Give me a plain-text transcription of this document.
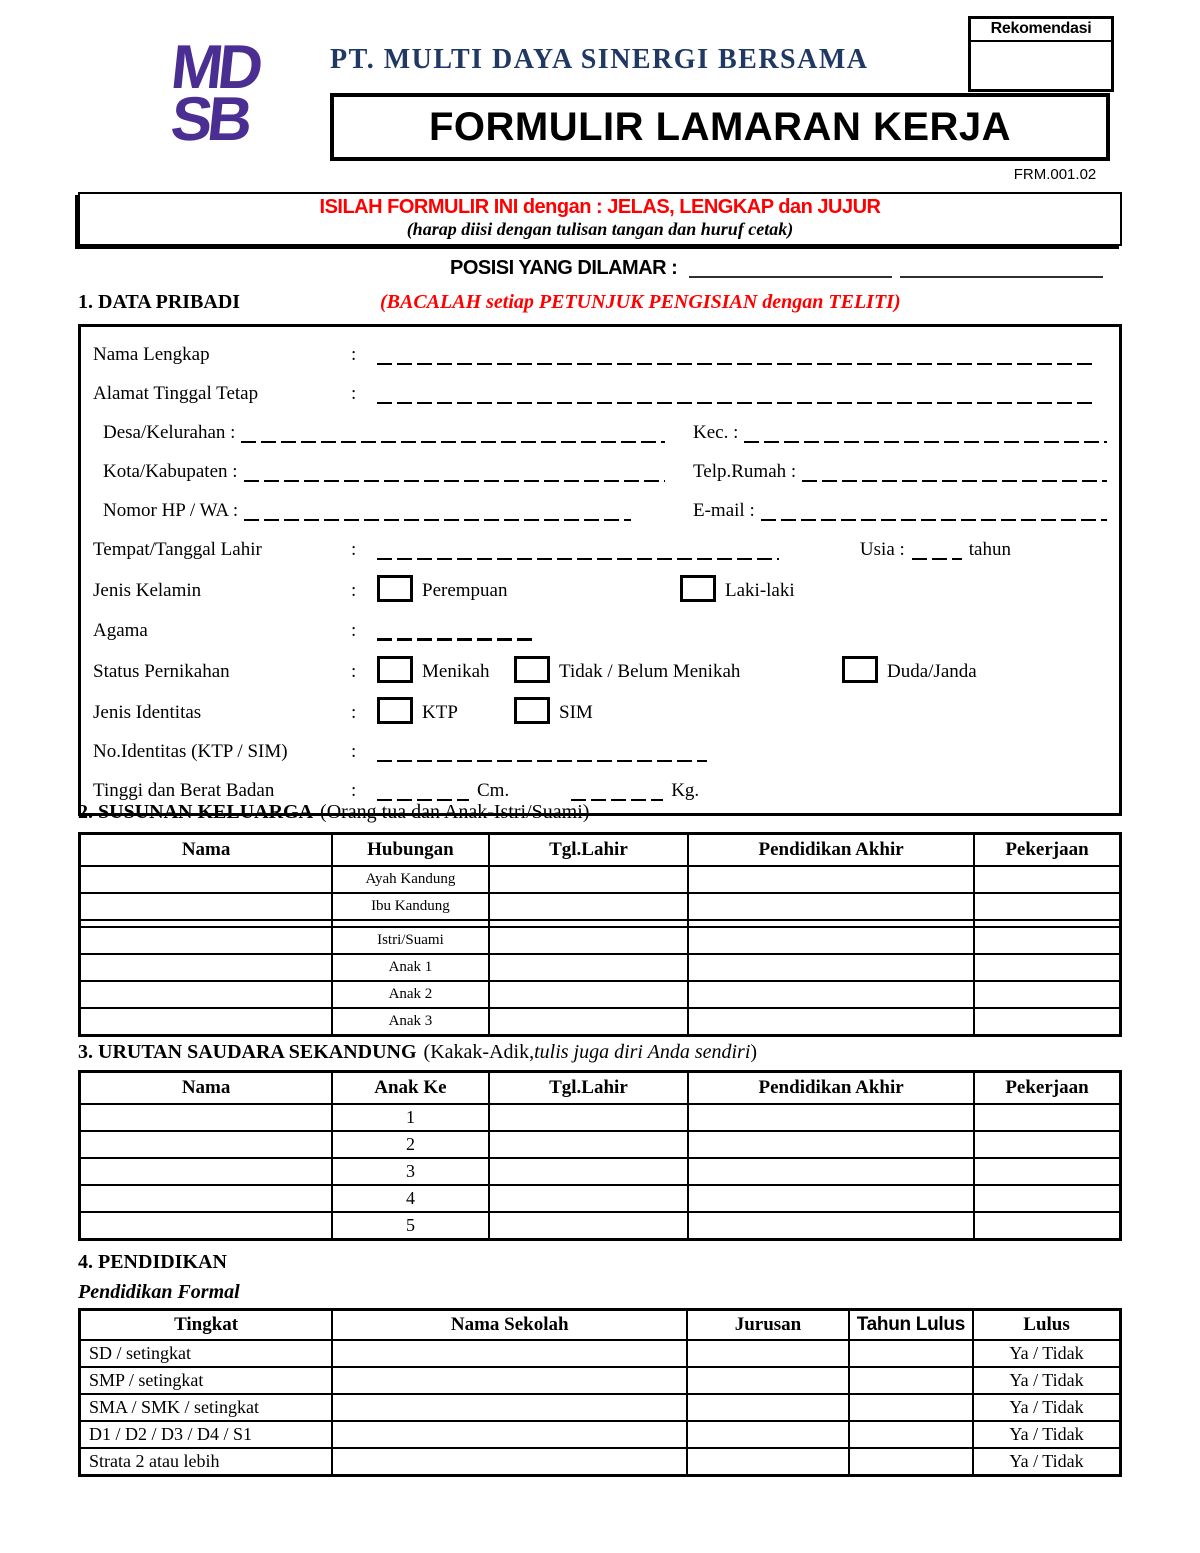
MD
SB
PT. MULTI DAYA SINERGI BERSAMA
Rekomendasi
FORMULIR LAMARAN KERJA
FRM.001.02
ISILAH FORMULIR INI dengan : JELAS, LENGKAP dan JUJUR
(harap diisi dengan tulisan tangan dan huruf cetak)
POSISI YANG DILAMAR :
1. DATA PRIBADI	(BACALAH setiap PETUNJUK PENGISIAN dengan TELITI)
Nama Lengkap	:
Alamat Tinggal Tetap	:
Desa/Kelurahan :	Kec. :
Kota/Kabupaten :	Telp.Rumah :
Nomor HP / WA :	E-mail :
Tempat/Tanggal Lahir	:	Usia :	tahun
Jenis Kelamin	:	Perempuan	Laki-laki
Agama	:
Status Pernikahan	:	Menikah	Tidak / Belum Menikah	Duda/Janda
Jenis Identitas	:	KTP	SIM
No.Identitas (KTP / SIM)	:
Tinggi dan Berat Badan	:	Cm.	Kg.
2. SUSUNAN KELUARGA (Orang tua dan Anak-Istri/Suami)
Nama	Hubungan	Tgl.Lahir	Pendidikan Akhir	Pekerjaan
	Ayah Kandung			
	Ibu Kandung			

	Istri/Suami			
	Anak 1			
	Anak 2			
	Anak 3			
3. URUTAN SAUDARA SEKANDUNG (Kakak-Adik, tulis juga diri Anda sendiri )
Nama	Anak Ke	Tgl.Lahir	Pendidikan Akhir	Pekerjaan
	1			
	2			
	3			
	4			
	5			
4. PENDIDIKAN
Pendidikan Formal
Tingkat	Nama Sekolah	Jurusan	Tahun Lulus	Lulus
SD / setingkat				Ya / Tidak
SMP / setingkat				Ya / Tidak
SMA / SMK / setingkat				Ya / Tidak
D1 / D2 / D3 / D4 / S1				Ya / Tidak
Strata 2 atau lebih				Ya / Tidak
